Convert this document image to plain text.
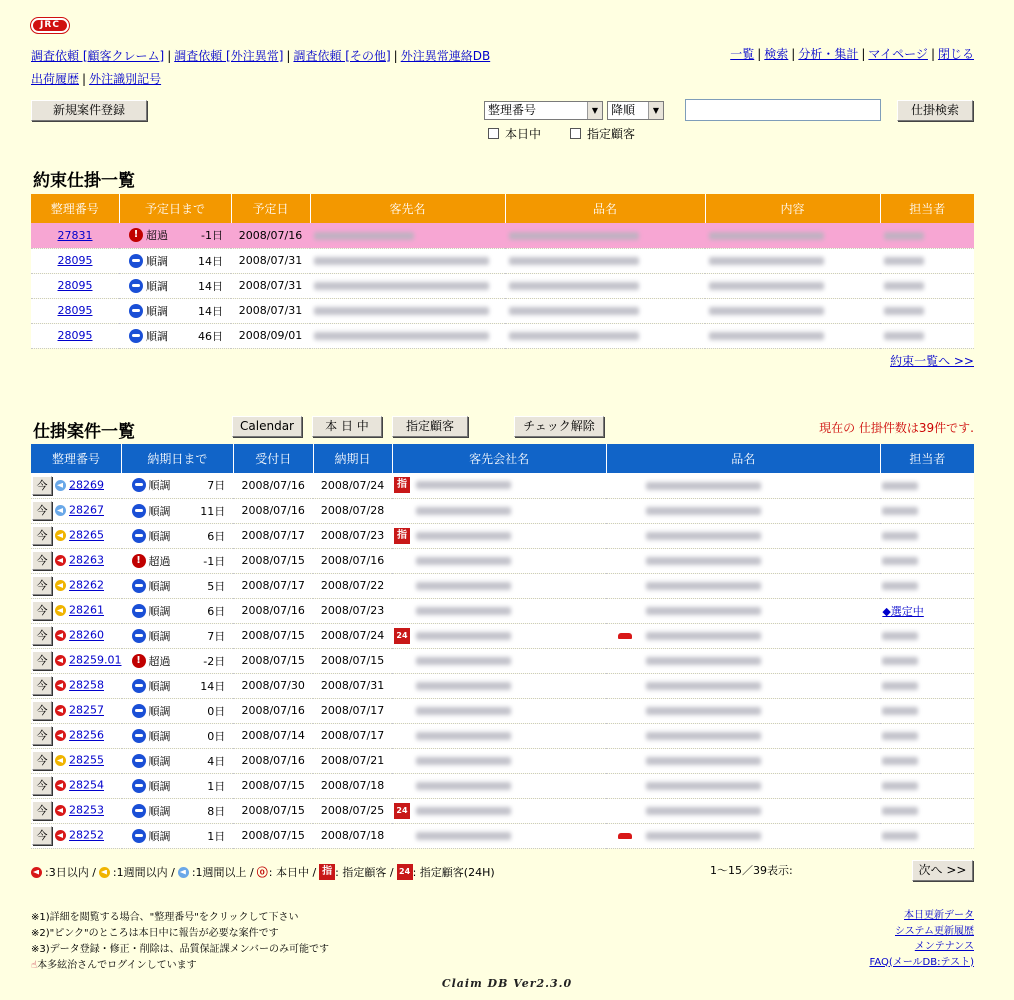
JRC
調査依頼 [顧客クレーム] | 調査依頼 [外注異常] | 調査依頼 [その他] | 外注異常連絡DB
出荷履歴 | 外注識別記号
一覧 | 検索 | 分析・集計 | マイページ | 閉じる
新規案件登録	整理番号	▼	降順	▼	仕掛検索
本日中	指定顧客
約束仕掛一覧
整理番号	予定日まで	予定日	客先名	品名	内容	担当者
27831	! 超過 -1日	2008/07/16				
28095	順調 14日	2008/07/31				
28095	順調 14日	2008/07/31				
28095	順調 14日	2008/07/31				
28095	順調 46日	2008/09/01				
約束一覧へ >>
仕掛案件一覧	Calendar	本 日 中	指定顧客	チェック解除	現在の 仕掛件数は39件です.
整理番号	納期日まで	受付日	納期日	客先会社名	品名	担当者
今 28269	順調 7日	2008/07/16	2008/07/24	指		
今 28267	順調 11日	2008/07/16	2008/07/28			
今 28265	順調 6日	2008/07/17	2008/07/23	指		
今 28263	! 超過 -1日	2008/07/15	2008/07/16			
今 28262	順調 5日	2008/07/17	2008/07/22			
今 28261	順調 6日	2008/07/16	2008/07/23			◆選定中
今 28260	順調 7日	2008/07/15	2008/07/24	24		
今 28259.01	! 超過 -2日	2008/07/15	2008/07/15			
今 28258	順調 14日	2008/07/30	2008/07/31			
今 28257	順調 0日	2008/07/16	2008/07/17			
今 28256	順調 0日	2008/07/14	2008/07/17			
今 28255	順調 4日	2008/07/16	2008/07/21			
今 28254	順調 1日	2008/07/15	2008/07/18			
今 28253	順調 8日	2008/07/15	2008/07/25	24		
今 28252	順調 1日	2008/07/15	2008/07/18			
:3日以内 / :1週間以内 / :1週間以上 / ⓞ : 本日中 / 指 : 指定顧客 / 24 : 指定顧客(24H)	1～15／39表示:	次へ >>
※1)詳細を閲覧する場合、"整理番号"をクリックして下さい
※2)"ピンク"のところは本日中に報告が必要な案件です
※3)データ登録・修正・削除は、品質保証課メンバーのみ可能です
☝本多絃治さんでログインしています
本日更新データ
システム更新履歴
メンテナンス
FAQ(メールDB:テスト)
Claim DB Ver2.3.0
